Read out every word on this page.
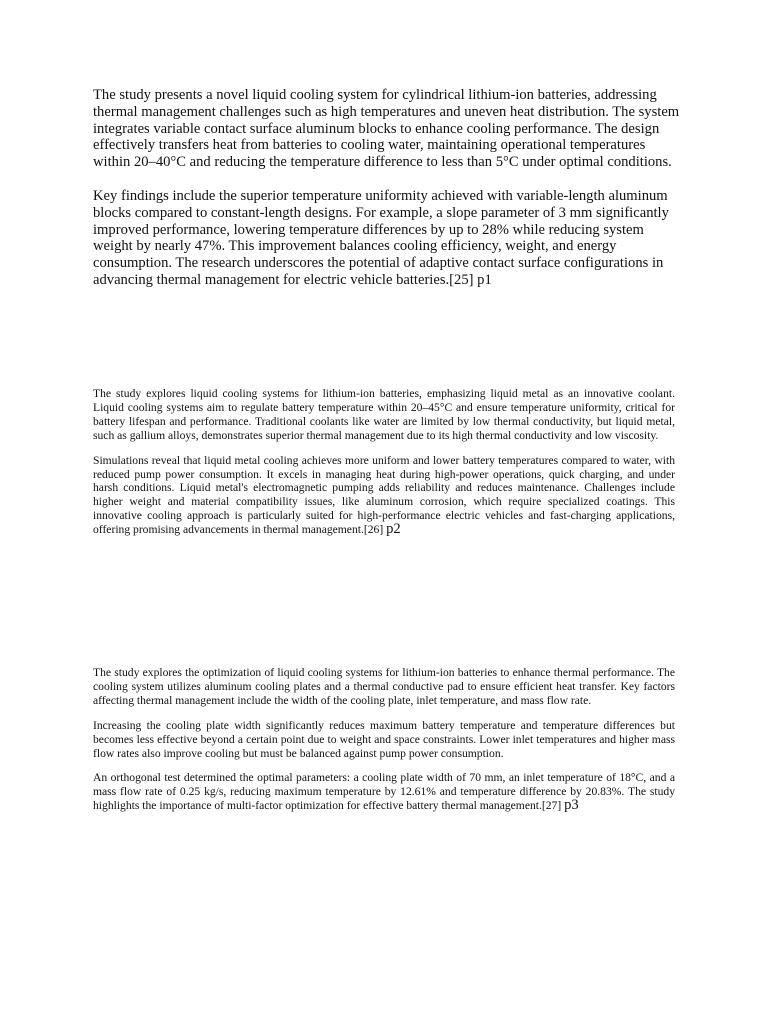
The study presents a novel liquid cooling system for cylindrical lithium-ion batteries, addressing thermal management challenges such as high temperatures and uneven heat distribution. The system integrates variable contact surface aluminum blocks to enhance cooling performance. The design effectively transfers heat from batteries to cooling water, maintaining operational temperatures within 20–40°C and reducing the temperature difference to less than 5°C under optimal conditions.

Key findings include the superior temperature uniformity achieved with variable-length aluminum blocks compared to constant-length designs. For example, a slope parameter of 3 mm significantly improved performance, lowering temperature differences by up to 28% while reducing system weight by nearly 47%. This improvement balances cooling efficiency, weight, and energy consumption. The research underscores the potential of adaptive contact surface configurations in advancing thermal management for electric vehicle batteries.[25] p1

The study explores liquid cooling systems for lithium-ion batteries, emphasizing liquid metal as an innovative coolant. Liquid cooling systems aim to regulate battery temperature within 20–45°C and ensure temperature uniformity, critical for battery lifespan and performance. Traditional coolants like water are limited by low thermal conductivity, but liquid metal, such as gallium alloys, demonstrates superior thermal management due to its high thermal conductivity and low viscosity.

Simulations reveal that liquid metal cooling achieves more uniform and lower battery temperatures compared to water, with reduced pump power consumption. It excels in managing heat during high-power operations, quick charging, and under harsh conditions. Liquid metal's electromagnetic pumping adds reliability and reduces maintenance. Challenges include higher weight and material compatibility issues, like aluminum corrosion, which require specialized coatings. This innovative cooling approach is particularly suited for high-performance electric vehicles and fast-charging applications, offering promising advancements in thermal management.[26] p2

The study explores the optimization of liquid cooling systems for lithium-ion batteries to enhance thermal performance. The cooling system utilizes aluminum cooling plates and a thermal conductive pad to ensure efficient heat transfer. Key factors affecting thermal management include the width of the cooling plate, inlet temperature, and mass flow rate.

Increasing the cooling plate width significantly reduces maximum battery temperature and temperature differences but becomes less effective beyond a certain point due to weight and space constraints. Lower inlet temperatures and higher mass flow rates also improve cooling but must be balanced against pump power consumption.

An orthogonal test determined the optimal parameters: a cooling plate width of 70 mm, an inlet temperature of 18°C, and a mass flow rate of 0.25 kg/s, reducing maximum temperature by 12.61% and temperature difference by 20.83%. The study highlights the importance of multi-factor optimization for effective battery thermal management.[27] p3
